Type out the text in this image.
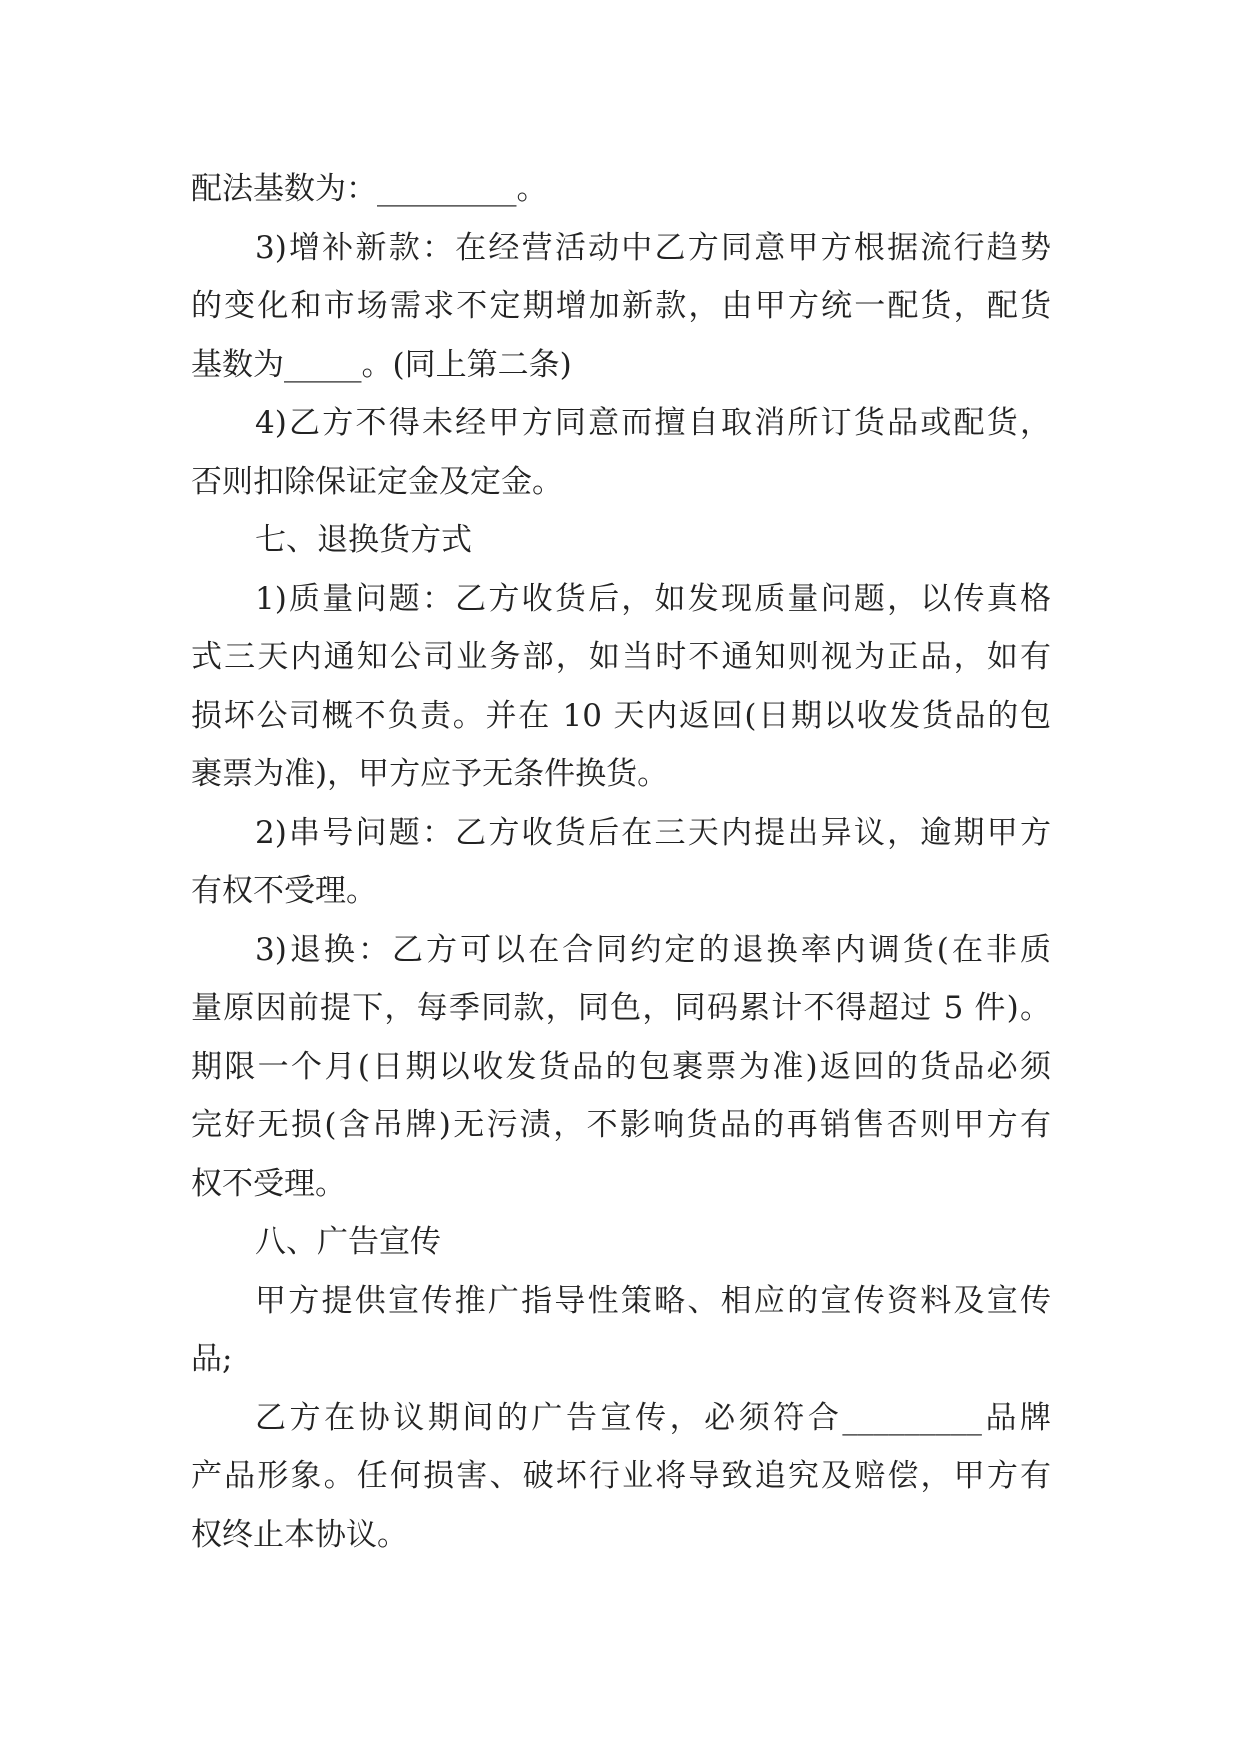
配法基数为：_________。
3)增补新款：在经营活动中乙方同意甲方根据流行趋势
的变化和市场需求不定期增加新款，由甲方统一配货，配货
基数为_____。(同上第二条)
4)乙方不得未经甲方同意而擅自取消所订货品或配货，
否则扣除保证定金及定金。
七、退换货方式
1)质量问题：乙方收货后，如发现质量问题，以传真格
式三天内通知公司业务部，如当时不通知则视为正品，如有
损坏公司概不负责。并在 10 天内返回(日期以收发货品的包
裹票为准)，甲方应予无条件换货。
2)串号问题：乙方收货后在三天内提出异议，逾期甲方
有权不受理。
3)退换：乙方可以在合同约定的退换率内调货(在非质
量原因前提下，每季同款，同色，同码累计不得超过 5 件)。
期限一个月(日期以收发货品的包裹票为准)返回的货品必须
完好无损(含吊牌)无污渍，不影响货品的再销售否则甲方有
权不受理。
八、广告宣传
甲方提供宣传推广指导性策略、相应的宣传资料及宣传
品;
乙方在协议期间的广告宣传，必须符合_________品牌
产品形象。任何损害、破坏行业将导致追究及赔偿，甲方有
权终止本协议。
